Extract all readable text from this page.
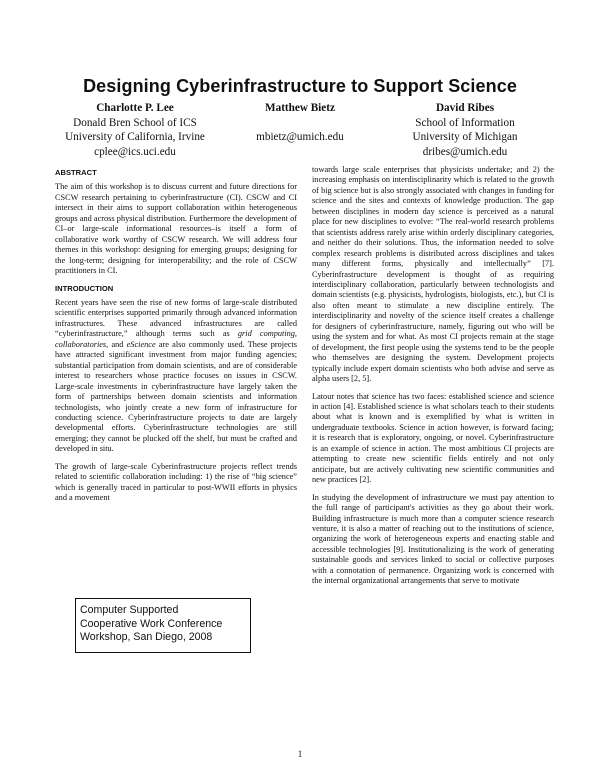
Designing Cyberinfrastructure to Support Science
Charlotte P. Lee
Donald Bren School of ICS
University of California, Irvine
cplee@ics.uci.edu
Matthew Bietz

mbietz@umich.edu
David Ribes
School of Information
University of Michigan
dribes@umich.edu
ABSTRACT

The aim of this workshop is to discuss current and future directions for CSCW research pertaining to cyberinfrastructure (CI). CSCW and CI intersect in their aims to support collaboration within heterogeneous groups and across physical distribution. Furthermore the development of CI–or large-scale informational resources–is itself a form of collaborative work worthy of CSCW research. We will address four themes in this workshop: designing for emerging groups; designing for the long-term; designing for interoperability; and the role of CSCW practitioners in CI.

INTRODUCTION

Recent years have seen the rise of new forms of large-scale distributed scientific enterprises supported primarily through advanced information infrastructures. These advanced infrastructures are called “cyberinfrastructure,” although terms such as grid computing, collaboratories, and eScience are also commonly used. These projects have attracted significant investment from major funding agencies; substantial participation from domain scientists, and are of considerable interest to researchers whose practice focuses on issues in CSCW. Large-scale investments in cyberinfrastructure have largely taken the form of partnerships between domain scientists and information technologists, who jointly create a new form of infrastructure for conducting science. Cyberinfrastructure projects to date are largely developmental efforts. Cyberinfrastructure technologies are still emerging; they cannot be plucked off the shelf, but must be crafted and developed in situ.

The growth of large-scale Cyberinfrastructure projects reflect trends related to scientific collaboration including: 1) the rise of “big science” which is generally traced in particular to post-WWII efforts in physics and a movement

Computer Supported
Cooperative Work Conference
Workshop, San Diego, 2008

towards large scale enterprises that physicists undertake; and 2) the increasing emphasis on interdisciplinarity which is related to the growth of big science but is also strongly associated with changes in funding for science and the sites and contexts of knowledge production. The gap between disciplines in modern day science is perceived as a natural place for new disciplines to evolve: “The real-world research problems that scientists address rarely arise within orderly disciplinary categories, and neither do their solutions. Thus, the information needed to solve complex research problems is distributed across disciplines and takes many different forms, physically and intellectually” [7]. Cyberinfrastructure development is thought of as requiring interdisciplinary collaboration, particularly between technologists and domain scientists (e.g. physicists, hydrologists, biologists, etc.), but CI is also often meant to stimulate a new discipline entirely. The interdisciplinarity and novelty of the science itself creates a challenge for designers of cyberinfrastructure, namely, figuring out who will be using the system and for what. As most CI projects remain at the stage of development, the first people using the systems tend to be the people who themselves are designing the system. Development projects typically include expert domain scientists who both advise and serve as alpha users [2, 5].

Latour notes that science has two faces: established science and science in action [4]. Established science is what scholars teach to their students about what is known and is exemplified by what is written in undergraduate textbooks. Science in action however, is forward facing; it is research that is exploratory, ongoing, or novel. Cyberinfrastructure is an example of science in action. The most ambitious CI projects are attempting to create new scientific fields entirely and not only anticipate, but are actively cultivating new scientific communities and new practices [2].

In studying the development of infrastructure we must pay attention to the full range of participant's activities as they go about their work. Building infrastructure is much more than a computer science research venture, it is also a matter of reaching out to the institutions of science, organizing the work of heterogeneous experts and enacting stable and accessible technologies [9]. Institutionalizing is the work of generating sustainable goods and services linked to social or collective purposes with a connotation of permanence. Organizing work is concerned with the internal organizational arrangements that serve to motivate

1
